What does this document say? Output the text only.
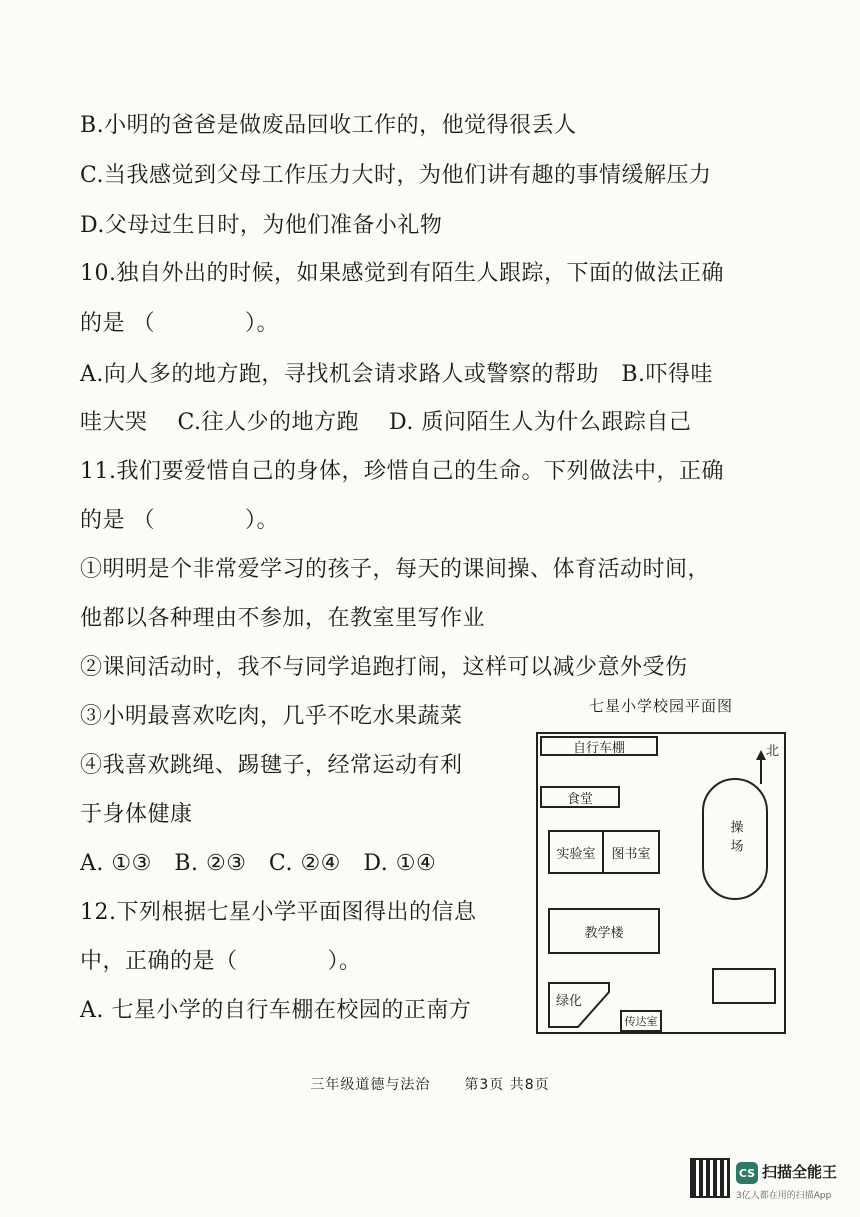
B.小明的爸爸是做废品回收工作的，他觉得很丢人
C.当我感觉到父母工作压力大时，为他们讲有趣的事情缓解压力
D.父母过生日时，为他们准备小礼物
10.独自外出的时候，如果感觉到有陌生人跟踪，下面的做法正确
的是 （　　　　）。
A.向人多的地方跑，寻找机会请求路人或警察的帮助　B.吓得哇
哇大哭　 C.往人少的地方跑　 D. 质问陌生人为什么跟踪自己
11.我们要爱惜自己的身体，珍惜自己的生命。下列做法中，正确
的是 （　　　　）。
①明明是个非常爱学习的孩子，每天的课间操、体育活动时间，
他都以各种理由不参加，在教室里写作业
②课间活动时，我不与同学追跑打闹，这样可以减少意外受伤
③小明最喜欢吃肉，几乎不吃水果蔬菜
④我喜欢跳绳、踢毽子，经常运动有利
于身体健康
A. ①③　B. ②③　C. ②④　D. ①④
12.下列根据七星小学平面图得出的信息
中，正确的是（　　　　）。
A. 七星小学的自行车棚在校园的正南方
七星小学校园平面图
自行车棚	北
食堂
操场
实验室 图书室
教学楼
绿化
传达室
三年级道德与法治 第3页 共8页
CS 扫描全能王
3亿人都在用的扫描App
